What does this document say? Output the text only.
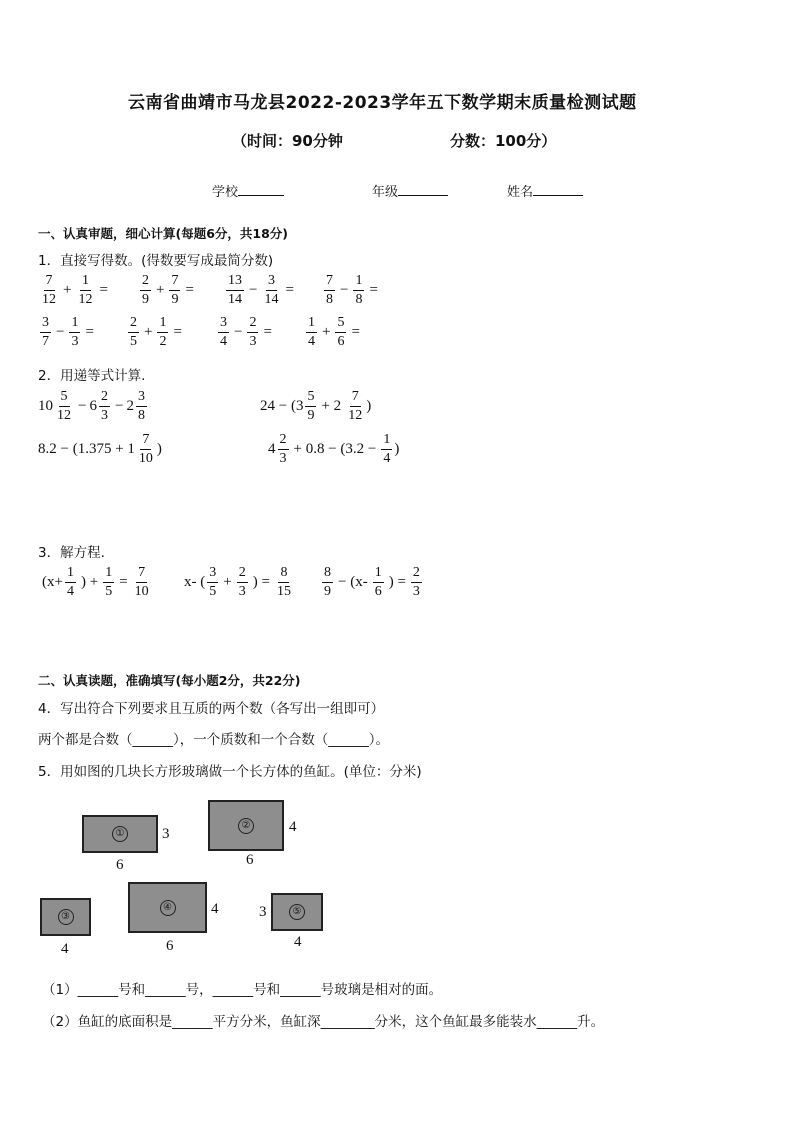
云南省曲靖市马龙县2022-2023学年五下数学期末质量检测试题
（时间：90分钟	分数：100分）
学校	年级	姓名
一、认真审题，细心计算(每题6分，共18分)
1．直接写得数。(得数要写成最简分数)
$\frac{7}{12} + \frac{1}{12} = \frac{2}{9} + \frac{7}{9} = \frac{13}{14} - \frac{3}{14} = \frac{7}{8} - \frac{1}{8}$ =
$\frac{3}{7} - \frac{1}{3} = \frac{2}{5} + \frac{1}{2}$ =	$\frac{3}{4} - \frac{2}{3} = \frac{1}{4} + \frac{5}{6}$ =
2．用递等式计算.
$10 \frac{5}{12} - 6 \frac{2}{3} - 2 \frac{3}{8}$	$24 - (3 \frac{5}{9} + 2 \frac{7}{12}$ )
$8.2 - (1.375 + 1 \frac{7}{10}$ )	$4 \frac{2}{3} + 0.8 - (3.2 - \frac{1}{4}$ )
3．解方程.
($x+ \frac{1}{4}$ ) + $\frac{1}{5} = \frac{7}{10} x-$ ( $\frac{3}{5} + \frac{2}{3}$ ) = $\frac{8}{15} \frac{8}{9} - (x- \frac{1}{6}$ ) = $\frac{2}{3}$
二、认真读题，准确填写(每小题2分，共22分)
4．写出符合下列要求且互质的两个数（各写出一组即可）
两个都是合数（______），一个质数和一个合数（______）。
5．用如图的几块长方形玻璃做一个长方体的鱼缸。(单位：分米)
①	3
6
②	4
6
③
4
④	4
6
⑤
3
4
（1）______号和______号，______号和______号玻璃是相对的面。
（2）鱼缸的底面积是______平方分米，鱼缸深________分米，这个鱼缸最多能装水______升。
